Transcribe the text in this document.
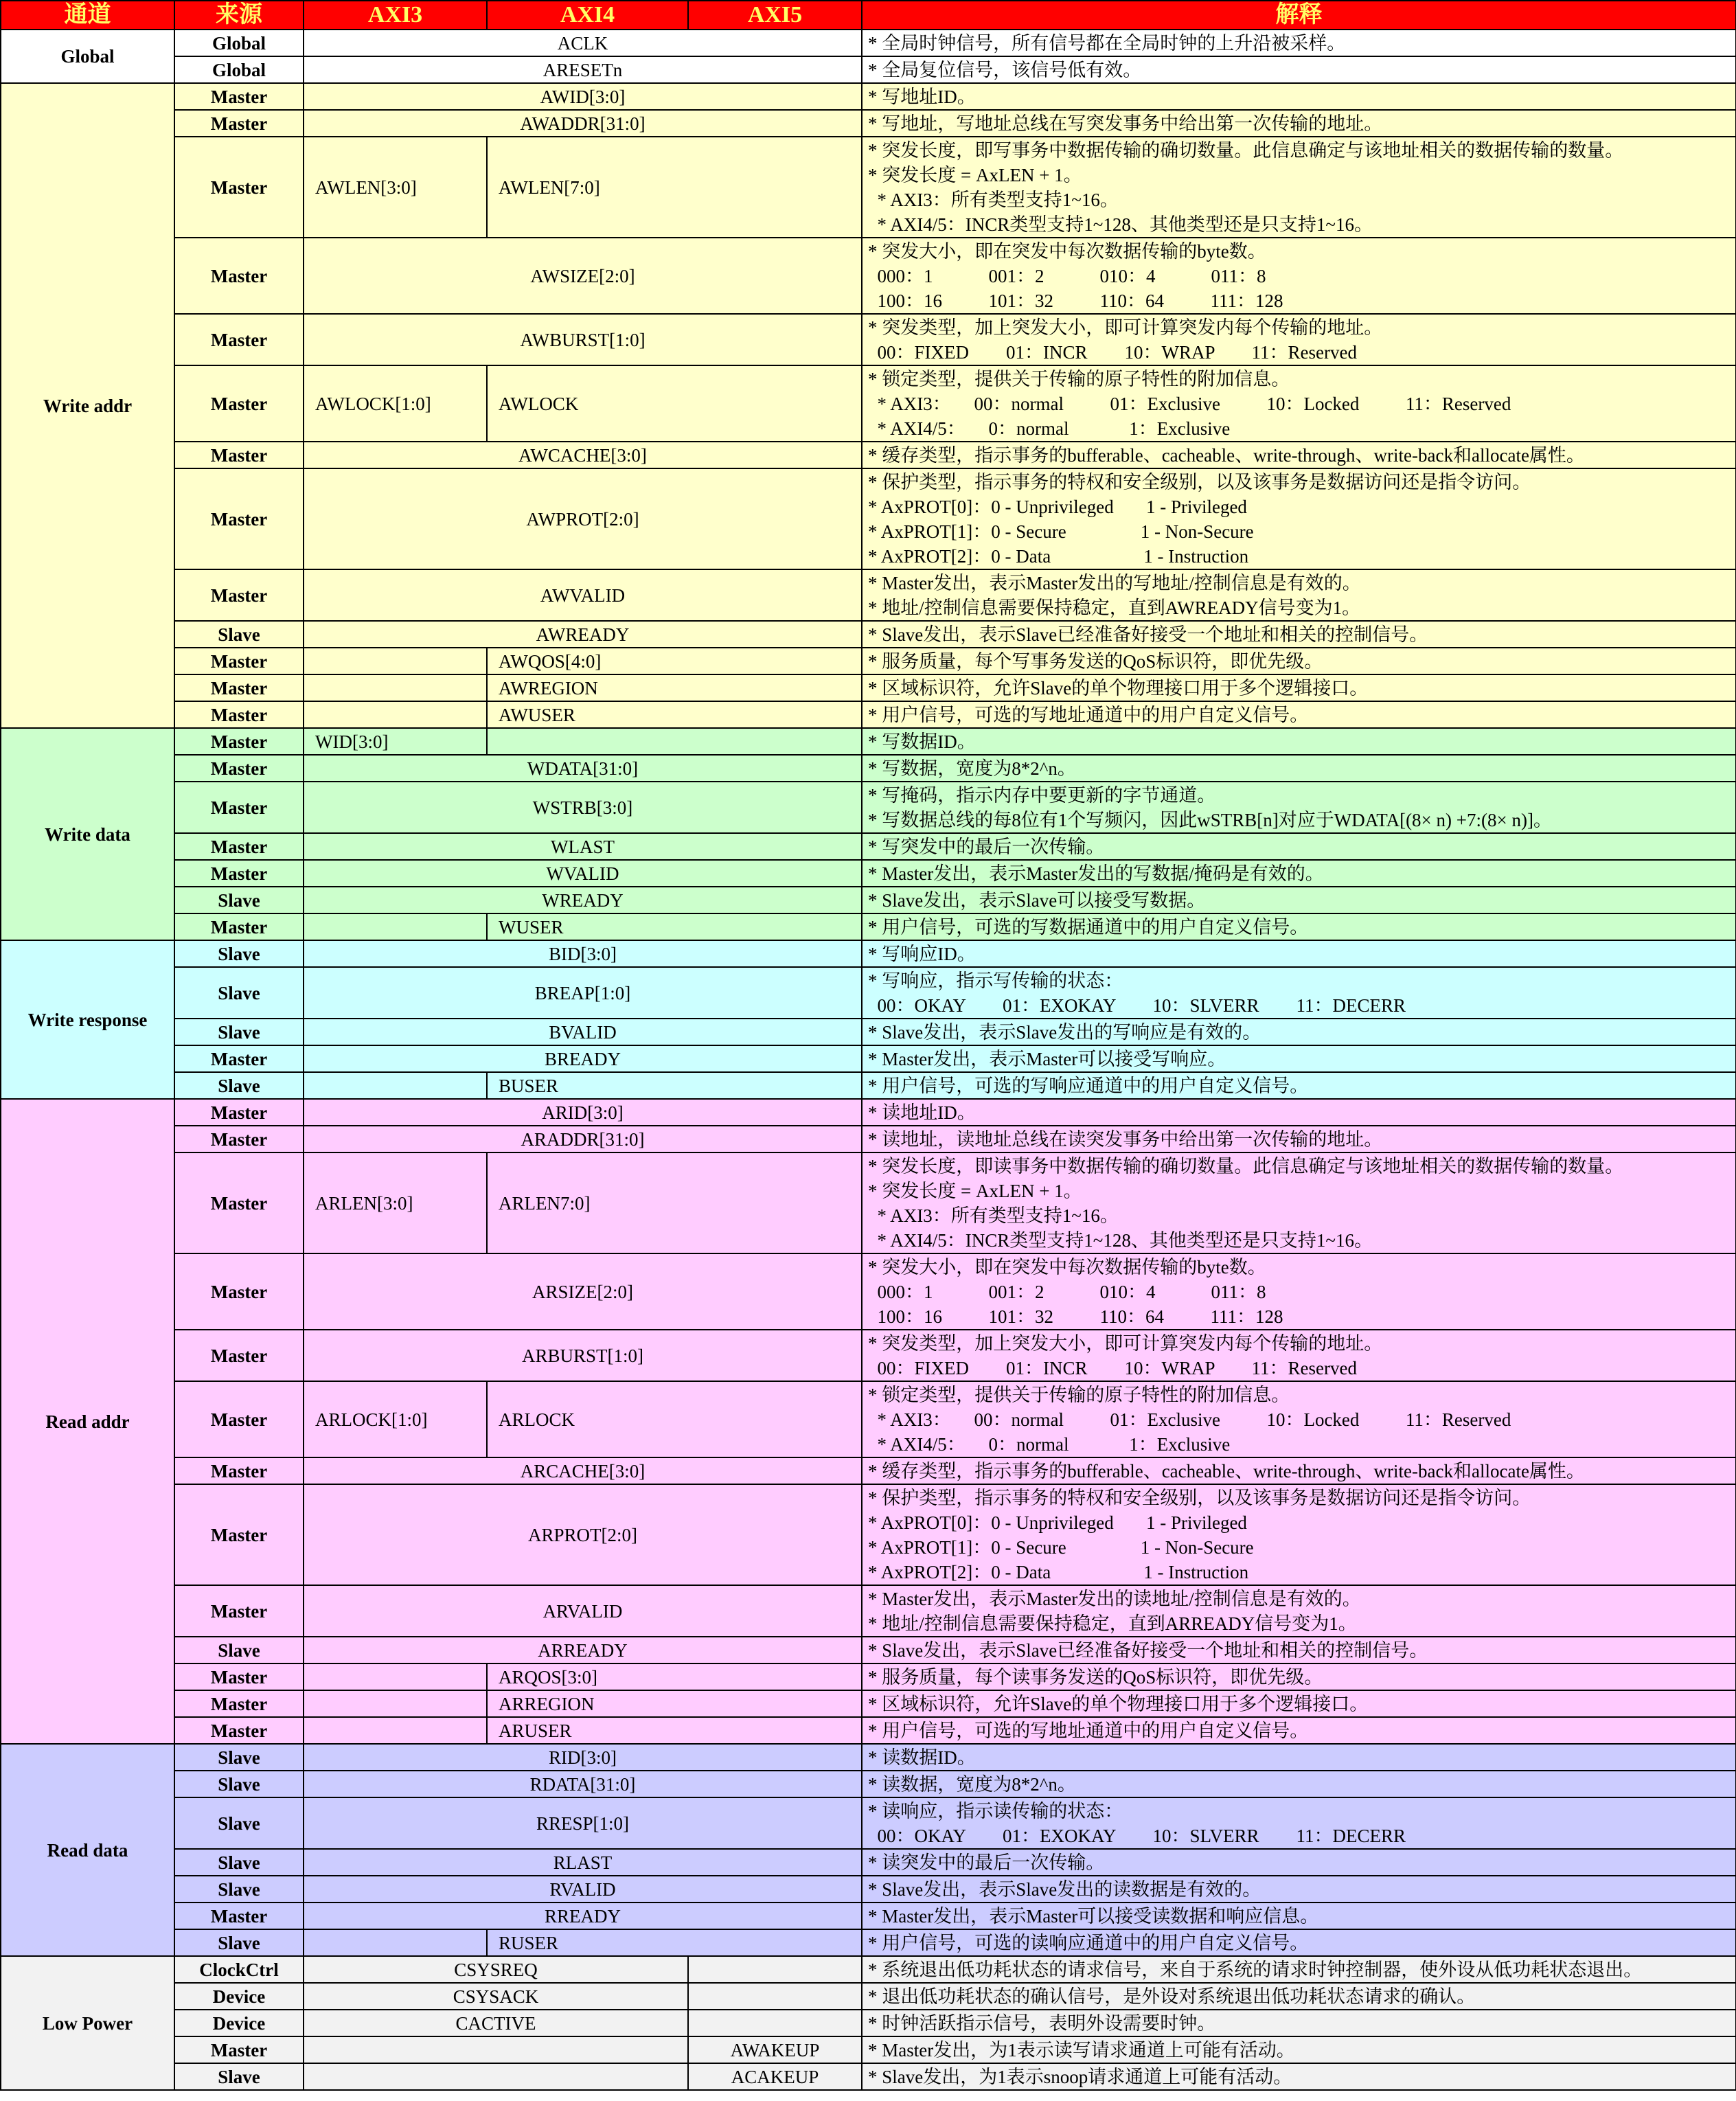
通道	来源	AXI3	AXI4	AXI5	解释
Global	Global	ACLK			* 全局时钟信号，所有信号都在全局时钟的上升沿被采样。

	Global	ARESETn			* 全局复位信号，该信号低有效。

Write addr	Master	AWID[3:0]			* 写地址ID。

	Master	AWADDR[31:0]			* 写地址，写地址总线在写突发事务中给出第一次传输的地址。

	Master	AWLEN[3:0]	AWLEN[7:0]		* 突发长度，即写事务中数据传输的确切数量。此信息确定与该地址相关的数据传输的数量。
* 突发长度 = AxLEN + 1。
* AXI3：所有类型支持1~16。
* AXI4/5：INCR类型支持1~128、其他类型还是只支持1~16。

	Master	AWSIZE[2:0]			* 突发大小，即在突发中每次数据传输的byte数。
000：1            001：2            010：4            011：8
100：16          101：32          110：64          111：128

	Master	AWBURST[1:0]			* 突发类型，加上突发大小，即可计算突发内每个传输的地址。
00：FIXED        01：INCR        10：WRAP        11：Reserved

	Master	AWLOCK[1:0]	AWLOCK		* 锁定类型，提供关于传输的原子特性的附加信息。
* AXI3：     00：normal          01：Exclusive          10：Locked          11：Reserved
* AXI4/5：     0：normal             1：Exclusive

	Master	AWCACHE[3:0]			* 缓存类型，指示事务的bufferable、cacheable、write-through、write-back和allocate属性。

	Master	AWPROT[2:0]			* 保护类型，指示事务的特权和安全级别，以及该事务是数据访问还是指令访问。
* AxPROT[0]：0 - Unprivileged       1 - Privileged
* AxPROT[1]：0 - Secure                1 - Non-Secure
* AxPROT[2]：0 - Data                    1 - Instruction

	Master	AWVALID			* Master发出，表示Master发出的写地址/控制信息是有效的。
* 地址/控制信息需要保持稳定，直到AWREADY信号变为1。

	Slave	AWREADY			* Slave发出，表示Slave已经准备好接受一个地址和相关的控制信号。

	Master		AWQOS[4:0]		* 服务质量，每个写事务发送的QoS标识符，即优先级。

	Master		AWREGION		* 区域标识符，允许Slave的单个物理接口用于多个逻辑接口。

	Master		AWUSER		* 用户信号，可选的写地址通道中的用户自定义信号。

Write data	Master	WID[3:0]			* 写数据ID。

	Master	WDATA[31:0]			* 写数据，宽度为8*2^n。

	Master	WSTRB[3:0]			* 写掩码，指示内存中要更新的字节通道。
* 写数据总线的每8位有1个写频闪，因此wSTRB[n]对应于WDATA[(8× n) +7:(8× n)]。

	Master	WLAST			* 写突发中的最后一次传输。

	Master	WVALID			* Master发出，表示Master发出的写数据/掩码是有效的。

	Slave	WREADY			* Slave发出，表示Slave可以接受写数据。

	Master		WUSER		* 用户信号，可选的写数据通道中的用户自定义信号。

Write response	Slave	BID[3:0]			* 写响应ID。

	Slave	BREAP[1:0]			* 写响应，指示写传输的状态：
00：OKAY        01：EXOKAY        10：SLVERR        11：DECERR

	Slave	BVALID			* Slave发出，表示Slave发出的写响应是有效的。

	Master	BREADY			* Master发出，表示Master可以接受写响应。

	Slave		BUSER		* 用户信号，可选的写响应通道中的用户自定义信号。

Read addr	Master	ARID[3:0]			* 读地址ID。

	Master	ARADDR[31:0]			* 读地址，读地址总线在读突发事务中给出第一次传输的地址。

	Master	ARLEN[3:0]	ARLEN7:0]		* 突发长度，即读事务中数据传输的确切数量。此信息确定与该地址相关的数据传输的数量。
* 突发长度 = AxLEN + 1。
* AXI3：所有类型支持1~16。
* AXI4/5：INCR类型支持1~128、其他类型还是只支持1~16。

	Master	ARSIZE[2:0]			* 突发大小，即在突发中每次数据传输的byte数。
000：1            001：2            010：4            011：8
100：16          101：32          110：64          111：128

	Master	ARBURST[1:0]			* 突发类型，加上突发大小，即可计算突发内每个传输的地址。
00：FIXED        01：INCR        10：WRAP        11：Reserved

	Master	ARLOCK[1:0]	ARLOCK		* 锁定类型，提供关于传输的原子特性的附加信息。
* AXI3：     00：normal          01：Exclusive          10：Locked          11：Reserved
* AXI4/5：     0：normal             1：Exclusive

	Master	ARCACHE[3:0]			* 缓存类型，指示事务的bufferable、cacheable、write-through、write-back和allocate属性。

	Master	ARPROT[2:0]			* 保护类型，指示事务的特权和安全级别，以及该事务是数据访问还是指令访问。
* AxPROT[0]：0 - Unprivileged       1 - Privileged
* AxPROT[1]：0 - Secure                1 - Non-Secure
* AxPROT[2]：0 - Data                    1 - Instruction

	Master	ARVALID			* Master发出，表示Master发出的读地址/控制信息是有效的。
* 地址/控制信息需要保持稳定，直到ARREADY信号变为1。

	Slave	ARREADY			* Slave发出，表示Slave已经准备好接受一个地址和相关的控制信号。

	Master		ARQOS[3:0]		* 服务质量，每个读事务发送的QoS标识符，即优先级。

	Master		ARREGION		* 区域标识符，允许Slave的单个物理接口用于多个逻辑接口。

	Master		ARUSER		* 用户信号，可选的写地址通道中的用户自定义信号。

Read data	Slave	RID[3:0]			* 读数据ID。

	Slave	RDATA[31:0]			* 读数据，宽度为8*2^n。

	Slave	RRESP[1:0]			* 读响应，指示读传输的状态：
00：OKAY        01：EXOKAY        10：SLVERR        11：DECERR

	Slave	RLAST			* 读突发中的最后一次传输。

	Slave	RVALID			* Slave发出，表示Slave发出的读数据是有效的。

	Master	RREADY			* Master发出，表示Master可以接受读数据和响应信息。

	Slave		RUSER		* 用户信号，可选的读响应通道中的用户自定义信号。

Low Power	ClockCtrl	CSYSREQ			* 系统退出低功耗状态的请求信号，来自于系统的请求时钟控制器，使外设从低功耗状态退出。

	Device	CSYSACK			* 退出低功耗状态的确认信号，是外设对系统退出低功耗状态请求的确认。

	Device	CACTIVE			* 时钟活跃指示信号，表明外设需要时钟。

	Master			AWAKEUP	* Master发出，为1表示读写请求通道上可能有活动。

	Slave			ACAKEUP	* Slave发出，为1表示snoop请求通道上可能有活动。
